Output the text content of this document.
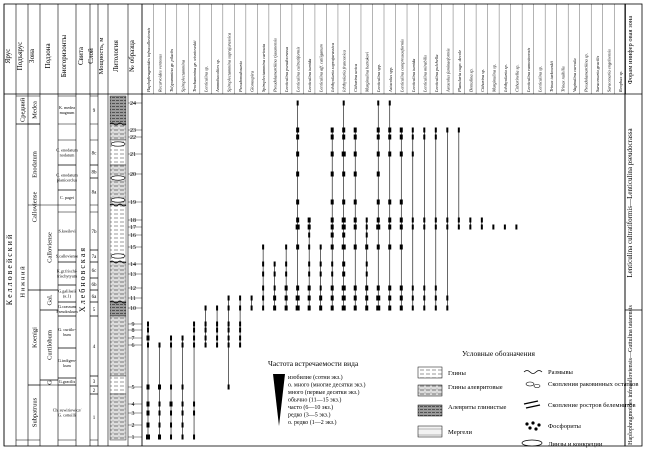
Ярус Подъярус Зона Подзона Биогоризонты Свита Слой Мощность, м Литология № образца
К е л л о в е й с к и й
Средний
Н и ж н и й
Medea
Enodatum
Calloviense
Koenigi
Subpatruus
Calloviense
Gal.
Curtilobum
G
K. medea
magnum
C. enodatum
nodatum
C. enodatum
planicerclus
C. pagei
S.koeilovi
S.calloviense
K.gr.frischi-
frischytyum
G.galilaeii
(к.1)
G.crassum
Pseudoskum
G. curtilo-
bum
G.indigen-
kum
G.gracilis
Ch. suwiriowicz/
G. cotteilli
Х л е б н о в с к а я
9
8c
8b
8a
7b
7a
6c
6b
6a
5
4
3
2
1
24
23
22
21
20
19
18
17
16
15
14
13
12
11
10
9
8
7
6
5
4
3
2
1
Haplophragmoides infracalloviensis Recurvoides ventosus Tolypammina gr. pilachs Spiroplectammina Trochammina gr. wisniowskii Lenticulina sp. Ammobaculites sp. Spiroplectammina suprajurassica Pseudonodosaria Glomospira Spiroplectammina carinata Pseudolamarckina rjasanensis Lenticulina pseudocrassa Lenticulina cultratiformis Lenticulina tumida Lenticulina aff. catiiganum Ichthyolaria suprajurassica Ichthyolaria franconica Citharina unica Marginulina batrakovi Lenticulina spp. Astacolus spp. Lenticulina compressaeformis Lenticulina tumida Lenticulina mirabilis Lenticulina pulchella Astacolus faminaeformis Planularia cuge. decole Dentalina sp. Citharina sp. Marginulina sp. Ichthyolaria sp. Citharinella sp. Lenticulina ramosinensis Lenticulina sp. Trinax tarkowskii Trinax nuibilis Vaginulina curvula Pseudolamarckina sp. Saracenaria gracilis Saracenaria engelsensis Reophax sp. Форам инифер овая зона
Lenticulina cultratiformis—Lenticulina pseudocrassa
Haplophragmoides infracalloviensis—Guttulina tatarensis
Частота встречаемости вида
изобилие (сотни экз.)
о. много (многие десятки экз.)
много (первые десятки экз.)
обычно (11—15 экз.)
часто (6—10 экз.)
редко (3—5 экз.)
о. редко (1—2 экз.)
Условные обозначения
Глины
Глины алевритовые
Алевриты глинистые
Мергели
Размывы
Скопления раковинных остатков
Скопление ростров белемнитов
Фосфориты
Линзы и конкреции
